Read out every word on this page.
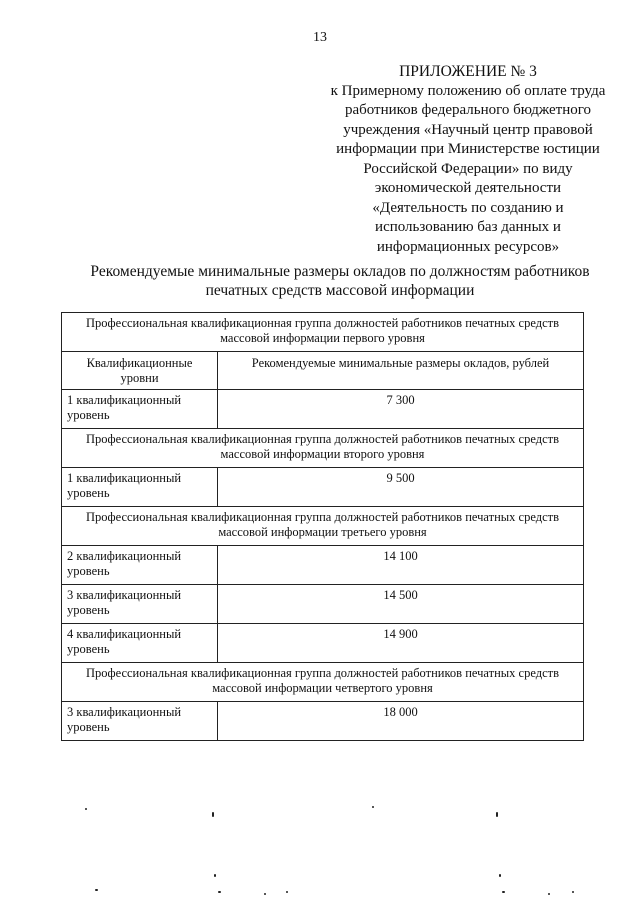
13
ПРИЛОЖЕНИЕ № 3
к Примерному положению об оплате труда
работников федерального бюджетного
учреждения «Научный центр правовой
информации при Министерстве юстиции
Российской Федерации» по виду
экономической деятельности
«Деятельность по созданию и
использованию баз данных и
информационных ресурсов»
Рекомендуемые минимальные размеры окладов по должностям работников
печатных средств массовой информации
Профессиональная квалификационная группа должностей работников печатных средств массовой информации первого уровня	
Квалификационные уровни	Рекомендуемые минимальные размеры окладов, рублей
1 квалификационный уровень	7 300
Профессиональная квалификационная группа должностей работников печатных средств массовой информации второго уровня	
1 квалификационный уровень	9 500
Профессиональная квалификационная группа должностей работников печатных средств массовой информации третьего уровня	
2 квалификационный уровень	14 100
3 квалификационный уровень	14 500
4 квалификационный уровень	14 900
Профессиональная квалификационная группа должностей работников печатных средств массовой информации четвертого уровня	
3 квалификационный уровень	18 000
